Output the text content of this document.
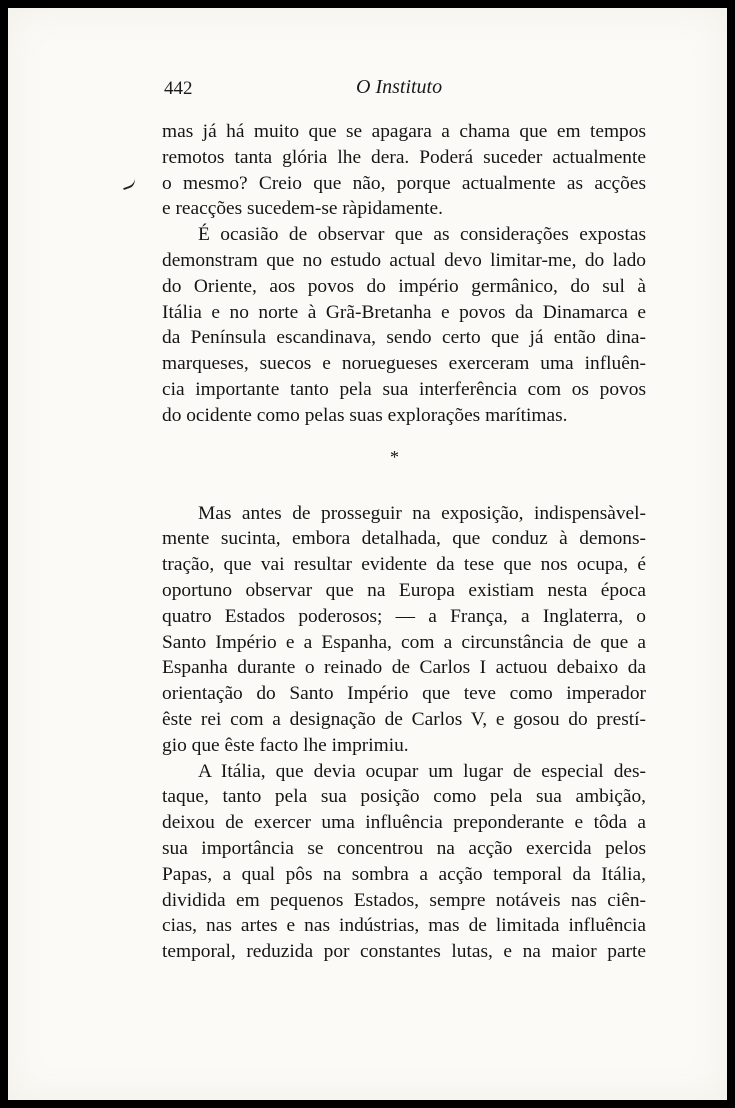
442	O Instituto
mas já há muito que se apagara a chama que em tempos
remotos tanta glória lhe dera. Poderá suceder actualmente
o mesmo? Creio que não, porque actualmente as acções
e reacções sucedem-se ràpidamente.
É ocasião de observar que as considerações expostas
demonstram que no estudo actual devo limitar-me, do lado
do Oriente, aos povos do império germânico, do sul à
Itália e no norte à Grã-Bretanha e povos da Dinamarca e
da Península escandinava, sendo certo que já então dina-
marqueses, suecos e noruegueses exerceram uma influên-
cia importante tanto pela sua interferência com os povos
do ocidente como pelas suas explorações marítimas.
*
Mas antes de prosseguir na exposição, indispensàvel-
mente sucinta, embora detalhada, que conduz à demons-
tração, que vai resultar evidente da tese que nos ocupa, é
oportuno observar que na Europa existiam nesta época
quatro Estados poderosos; — a França, a Inglaterra, o
Santo Império e a Espanha, com a circunstância de que a
Espanha durante o reinado de Carlos I actuou debaixo da
orientação do Santo Império que teve como imperador
êste rei com a designação de Carlos V, e gosou do prestí-
gio que êste facto lhe imprimiu.
A Itália, que devia ocupar um lugar de especial des-
taque, tanto pela sua posição como pela sua ambição,
deixou de exercer uma influência preponderante e tôda a
sua importância se concentrou na acção exercida pelos
Papas, a qual pôs na sombra a acção temporal da Itália,
dividida em pequenos Estados, sempre notáveis nas ciên-
cias, nas artes e nas indústrias, mas de limitada influência
temporal, reduzida por constantes lutas, e na maior parte
